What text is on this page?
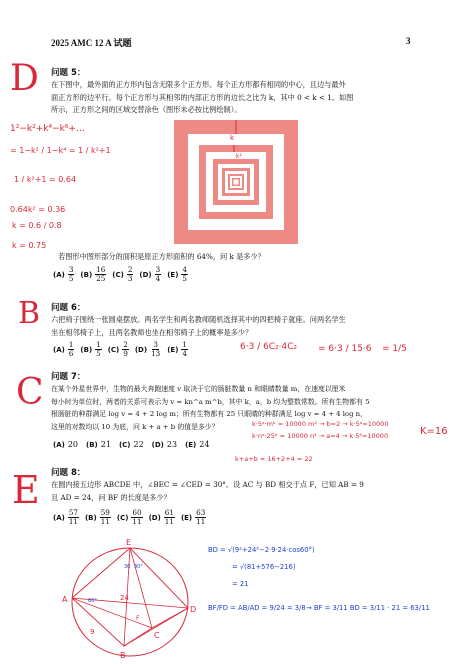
2025 AMC 12 A 试题	3
D 问题 5：
在下图中，最外面的正方形内包含无限多个正方形。每个正方形都有相同的中心，且边与最外
面正方形的边平行。每个正方形与其相邻的内部正方形的边长之比为 k，其中 0 < k < 1。如图
所示，正方形之间的区域交替涂色（图形未必按比例绘制）。
k
k²
1²−k²+k⁴−k⁶+…
= 1−k² / 1−k⁴ = 1 / k²+1
1 / k²+1 = 0.64
0.64k² = 0.36
k = 0.6 / 0.8
k = 0.75
若图形中图形部分的面积是原正方形面积的 64%，问 k 是多少？
$(A) \frac{3}{5} (B) \frac{16}{25} (C) \frac{2}{3} (D) \frac{3}{4} (E) \frac{4}{5}$
B 问题 6：
六把椅子围绕一张圆桌摆放。两名学生和两名教师随机选择其中的四把椅子就座。问两名学生
坐在相邻椅子上，且两名教师也坐在相邻椅子上的概率是多少？
$(A) \frac{1}{6} (B) \frac{1}{5} (C) \frac{2}{9} (D) \frac{3}{13} (E) \frac{1}{4}$	6·3 / 6C₂·4C₂ = 6·3 / 15·6 = 1/5
C 问题 7：
在某个外星世界中，生物的最大奔跑速度 v 取决于它的肠脏数量 n 和眼睛数量 m，在速度以厘米
每小时为单位时，两者的关系可表示为 v = kn^a m^b，其中 k，a，b 均为整数常数。所有生物都有 5
根肠脏的种群满足 log v = 4 + 2 log m；所有生物都有 25 只眼睛的种群满足 log v = 4 + 4 log n，
这里的对数均以 10 为底，问 k + a + b 的值是多少？
(A) 20 (B) 21 (C) 22 (D) 23 (E) 24
k·5ᵃ·mᵇ = 10000 m² → b=2 → k·5ᵃ=10000
k·nᵃ·25ᵇ = 10000 n⁴ → a=4 → k·5⁴=10000	K=16
k+a+b = 16+2+4 = 22
E 问题 8：
在圆内接五边形 ABCDE 中，∠BEC = ∠CED = 30°。设 AC 与 BD 相交于点 F，已知 AB = 9
且 AD = 24，问 BF 的长度是多少？
$(A) \frac{57}{11} (B) \frac{59}{11} (C) \frac{60}{11} (D) \frac{61}{11} (E) \frac{63}{11}$
E
A
D
B
C
F
9
24
30 30°
60°
BD = √(9²+24²−2·9·24·cos60°)
= √(81+576−216)
= 21
BF/FD = AB/AD = 9/24 = 3/8 → BF = 3/11 BD = 3/11 · 21 = 63/11
